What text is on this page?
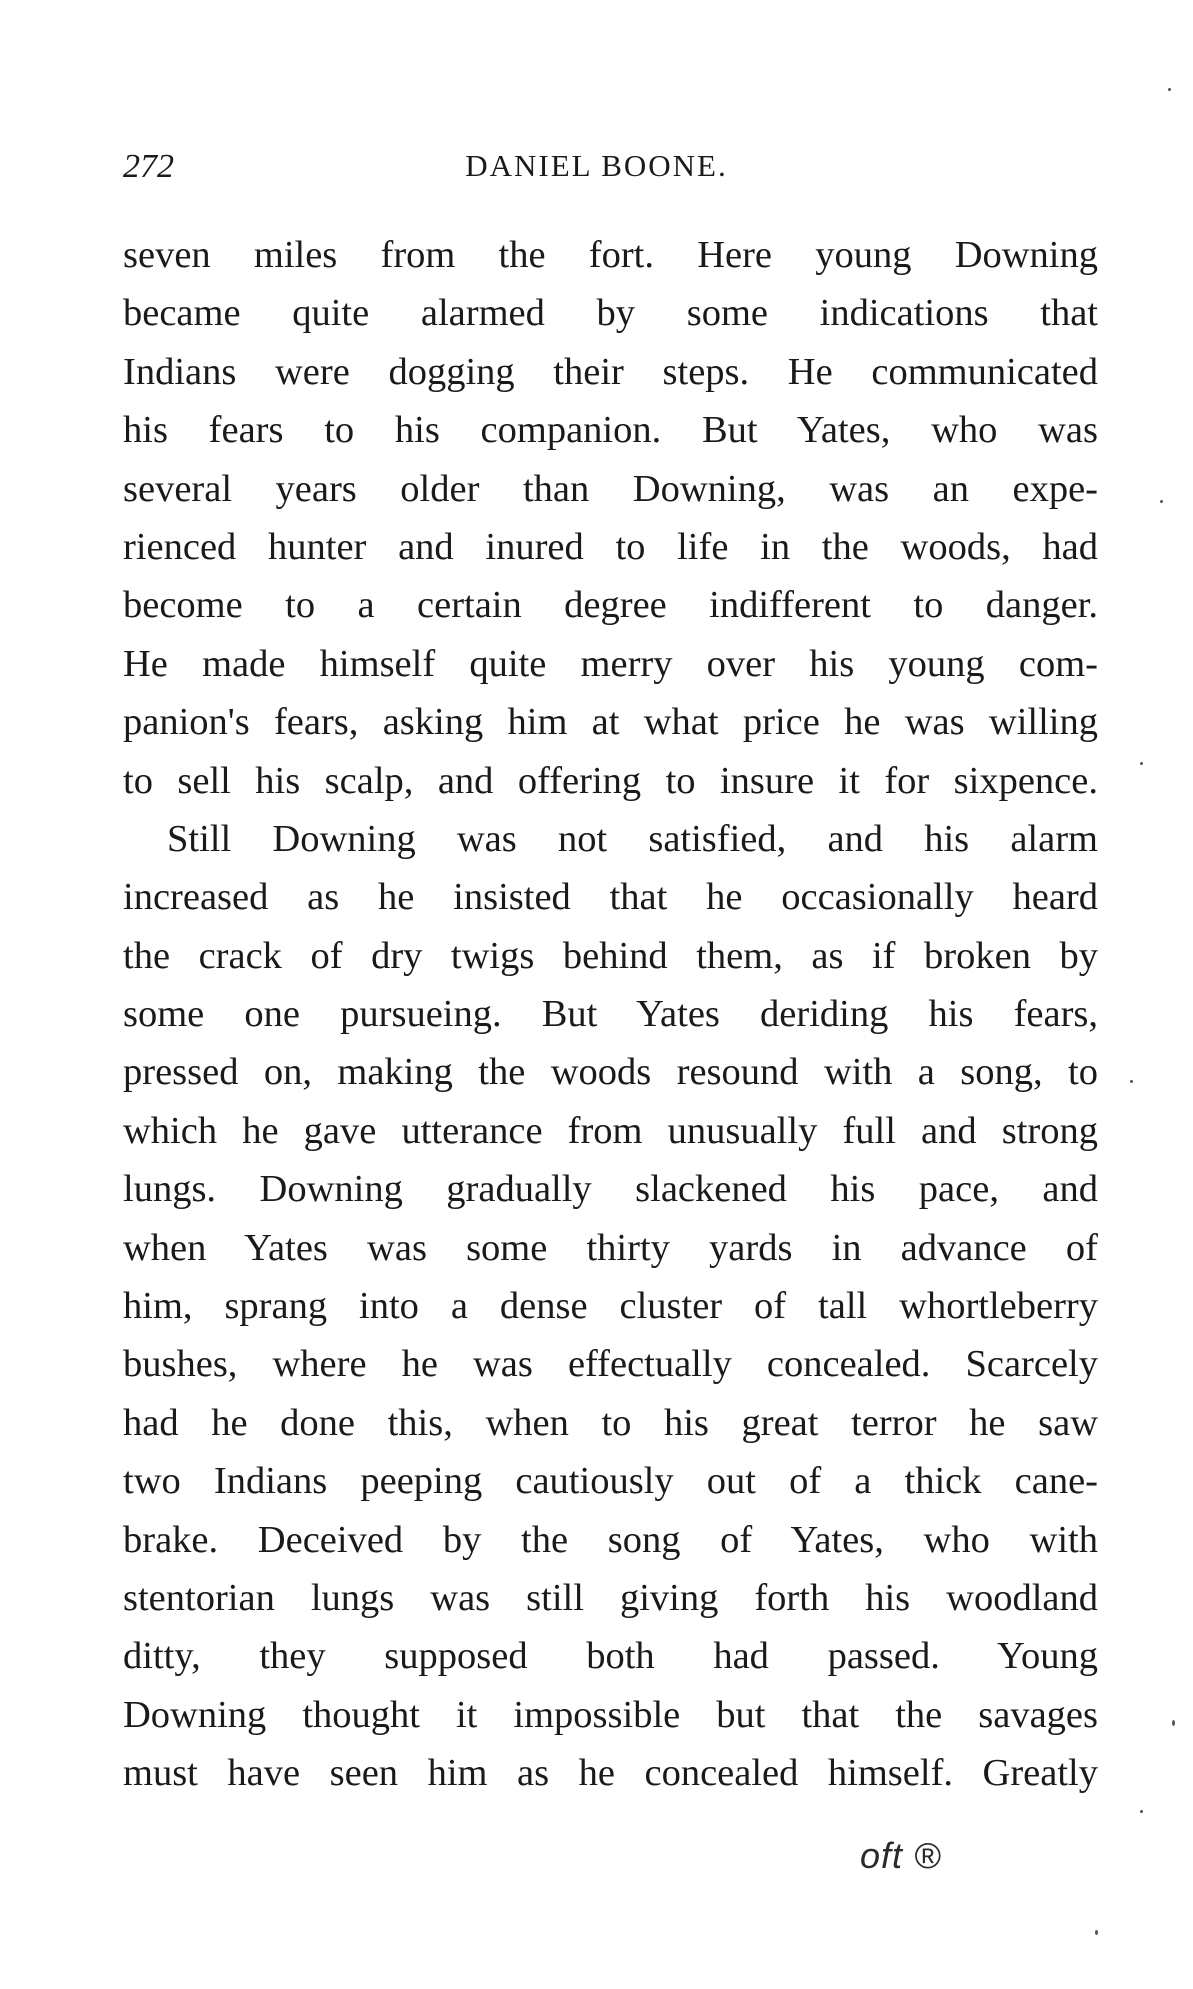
272	DANIEL BOONE.
seven miles from the fort. Here young Downing
became quite alarmed by some indications that
Indians were dogging their steps. He communicated
his fears to his companion. But Yates, who was
several years older than Downing, was an expe-
rienced hunter and inured to life in the woods, had
become to a certain degree indifferent to danger.
He made himself quite merry over his young com-
panion's fears, asking him at what price he was willing
to sell his scalp, and offering to insure it for sixpence.
Still Downing was not satisfied, and his alarm
increased as he insisted that he occasionally heard
the crack of dry twigs behind them, as if broken by
some one pursueing. But Yates deriding his fears,
pressed on, making the woods resound with a song, to
which he gave utterance from unusually full and strong
lungs. Downing gradually slackened his pace, and
when Yates was some thirty yards in advance of
him, sprang into a dense cluster of tall whortleberry
bushes, where he was effectually concealed. Scarcely
had he done this, when to his great terror he saw
two Indians peeping cautiously out of a thick cane-
brake. Deceived by the song of Yates, who with
stentorian lungs was still giving forth his woodland
ditty, they supposed both had passed. Young
Downing thought it impossible but that the savages
must have seen him as he concealed himself. Greatly
oft ®
